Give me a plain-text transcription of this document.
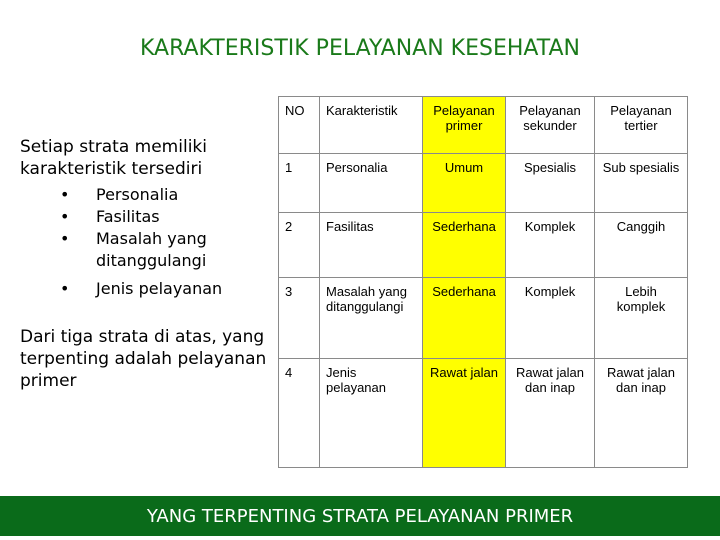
KARAKTERISTIK PELAYANAN KESEHATAN

Setiap strata memiliki karakteristik tersediri

• Personalia
• Fasilitas
• Masalah yang ditanggulangi
• Jenis pelayanan

Dari tiga strata di atas, yang terpenting adalah pelayanan primer

NO	Karakteristik	Pelayanan primer	Pelayanan sekunder	Pelayanan tertier
1	Personalia	Umum	Spesialis	Sub spesialis
2	Fasilitas	Sederhana	Komplek	Canggih
3	Masalah yang ditanggulangi	Sederhana	Komplek	Lebih komplek
4	Jenis pelayanan	Rawat jalan	Rawat jalan dan inap	Rawat jalan dan inap
YANG TERPENTING STRATA PELAYANAN PRIMER
